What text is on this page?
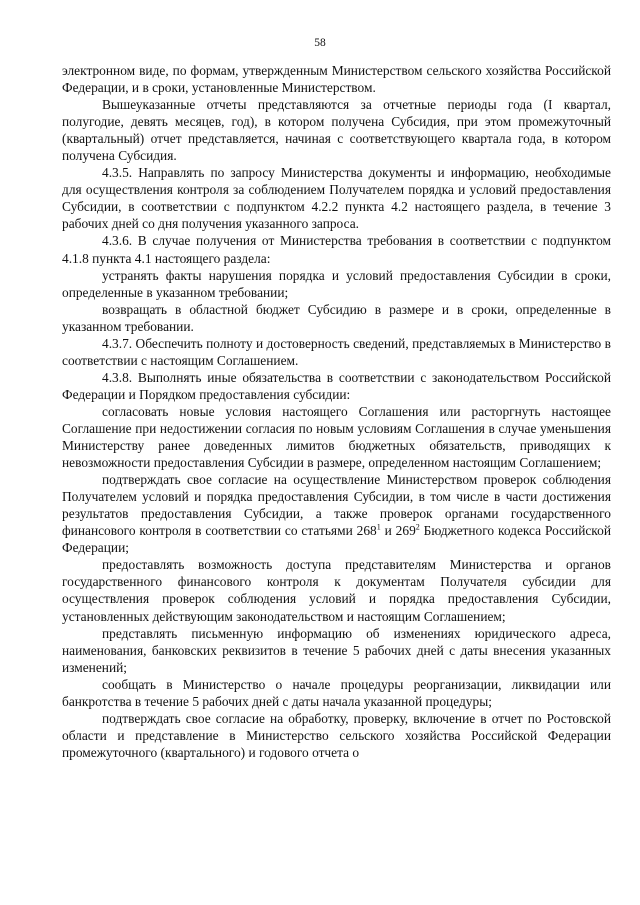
58

электронном виде, по формам, утвержденным Министерством сельского хозяйства Российской Федерации, и в сроки, установленные Министерством.

Вышеуказанные отчеты представляются за отчетные периоды года (I квартал, полугодие, девять месяцев, год), в котором получена Субсидия, при этом промежуточный (квартальный) отчет представляется, начиная с соответствующего квартала года, в котором получена Субсидия.

4.3.5. Направлять по запросу Министерства документы и информацию, необходимые для осуществления контроля за соблюдением Получателем порядка и условий предоставления Субсидии, в соответствии с подпунктом 4.2.2 пункта 4.2 настоящего раздела, в течение 3 рабочих дней со дня получения указанного запроса.

4.3.6. В случае получения от Министерства требования в соответствии с подпунктом 4.1.8 пункта 4.1 настоящего раздела:

устранять факты нарушения порядка и условий предоставления Субсидии в сроки, определенные в указанном требовании;

возвращать в областной бюджет Субсидию в размере и в сроки, определенные в указанном требовании.

4.3.7. Обеспечить полноту и достоверность сведений, представляемых в Министерство в соответствии с настоящим Соглашением.

4.3.8. Выполнять иные обязательства в соответствии с законодательством Российской Федерации и Порядком предоставления субсидии:

согласовать новые условия настоящего Соглашения или расторгнуть настоящее Соглашение при недостижении согласия по новым условиям Соглашения в случае уменьшения Министерству ранее доведенных лимитов бюджетных обязательств, приводящих к невозможности предоставления Субсидии в размере, определенном настоящим Соглашением;

подтверждать свое согласие на осуществление Министерством проверок соблюдения Получателем условий и порядка предоставления Субсидии, в том числе в части достижения результатов предоставления Субсидии, а также проверок органами государственного финансового контроля в соответствии со статьями $268^1$ и $269^2$ Бюджетного кодекса Российской Федерации;

предоставлять возможность доступа представителям Министерства и органов государственного финансового контроля к документам Получателя субсидии для осуществления проверок соблюдения условий и порядка предоставления Субсидии, установленных действующим законодательством и настоящим Соглашением;

представлять письменную информацию об изменениях юридического адреса, наименования, банковских реквизитов в течение 5 рабочих дней с даты внесения указанных изменений;

сообщать в Министерство о начале процедуры реорганизации, ликвидации или банкротства в течение 5 рабочих дней с даты начала указанной процедуры;

подтверждать свое согласие на обработку, проверку, включение в отчет по Ростовской области и представление в Министерство сельского хозяйства Российской Федерации промежуточного (квартального) и годового отчета о
